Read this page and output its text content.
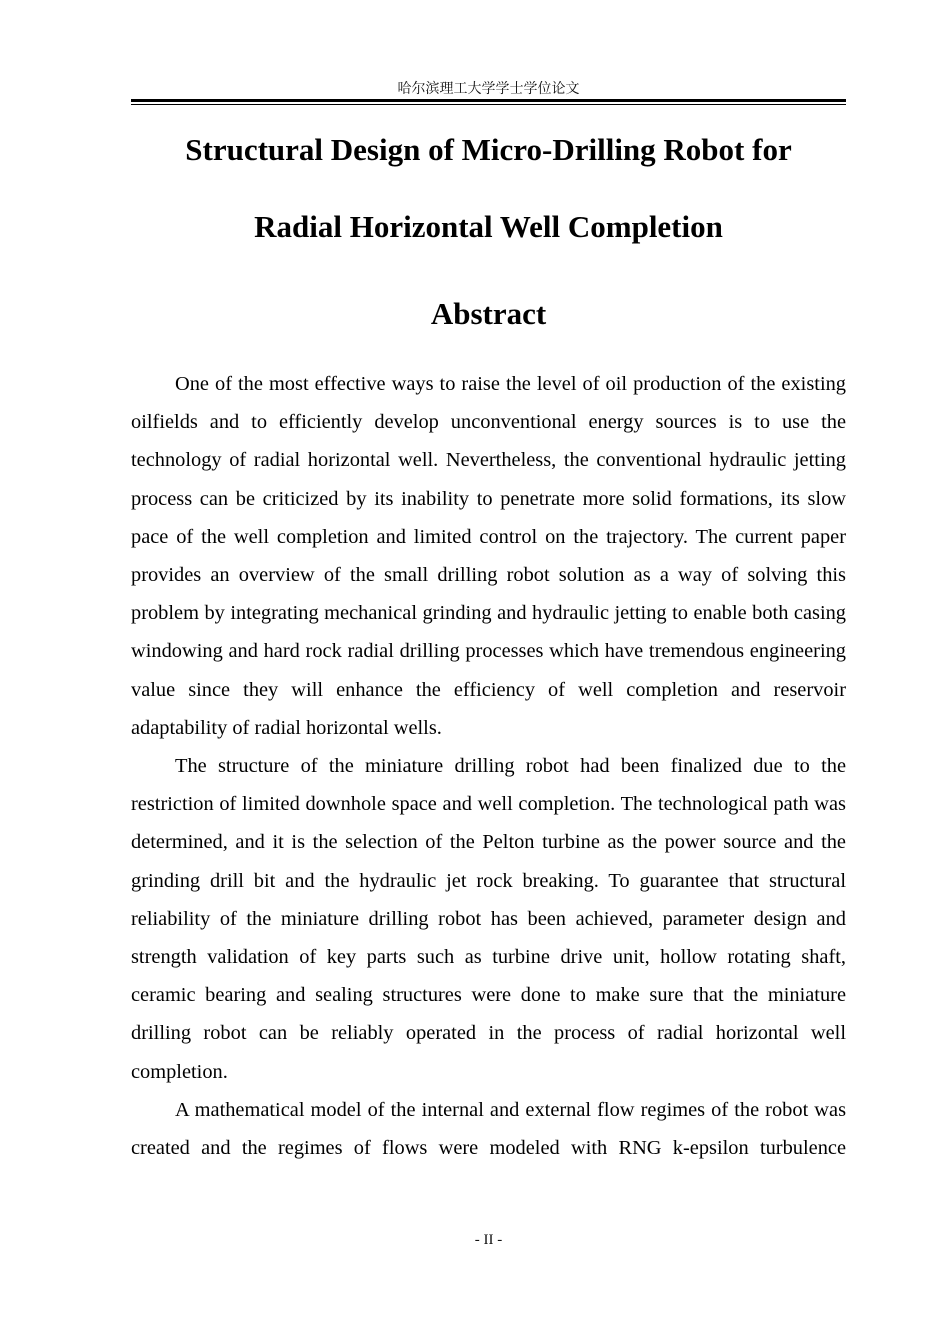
哈尔滨理工大学学士学位论文
Structural Design of Micro-Drilling Robot for
Radial Horizontal Well Completion
Abstract

One of the most effective ways to raise the level of oil production of the existing oilfields and to efficiently develop unconventional energy sources is to use the technology of radial horizontal well. Nevertheless, the conventional hydraulic jetting process can be criticized by its inability to penetrate more solid formations, its slow pace of the well completion and limited control on the trajectory. The current paper provides an overview of the small drilling robot solution as a way of solving this problem by integrating mechanical grinding and hydraulic jetting to enable both casing windowing and hard rock radial drilling processes which have tremendous engineering value since they will enhance the efficiency of well completion and reservoir adaptability of radial horizontal wells.

The structure of the miniature drilling robot had been finalized due to the restriction of limited downhole space and well completion. The technological path was determined, and it is the selection of the Pelton turbine as the power source and the grinding drill bit and the hydraulic jet rock breaking. To guarantee that structural reliability of the miniature drilling robot has been achieved, parameter design and strength validation of key parts such as turbine drive unit, hollow rotating shaft, ceramic bearing and sealing structures were done to make sure that the miniature drilling robot can be reliably operated in the process of radial horizontal well completion.

A mathematical model of the internal and external flow regimes of the robot was created and the regimes of flows were modeled with RNG k-epsilon turbulence

- II -
